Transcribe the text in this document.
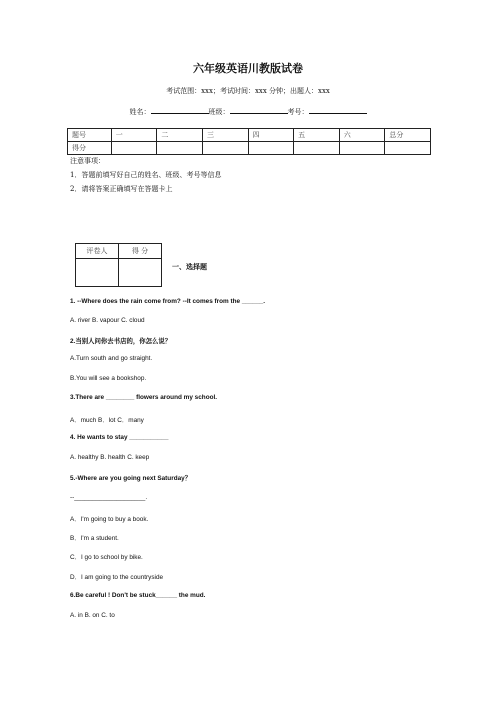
六年级英语川教版试卷
考试范围：xxx；考试时间：xxx 分钟；出题人：xxx
姓名：	班级：	考号：
题号	一	二	三	四	五	六	总分
得分							
注意事项：
1．答题前填写好自己的姓名、班级、考号等信息
2．请将答案正确填写在答题卡上
评卷人	得 分

一、选择题
1. --Where does the rain come from? --It comes from the ______.
A. river B. vapour C. cloud
2.当别人问你去书店的，你怎么说？
A.Turn south and go straight.
B.You will see a bookshop.
3.There are ________ flowers around my school.
A．much B．lot C．many
4. He wants to stay ___________
A. healthy B. health C. keep
5.-Where are you going next Saturday？
--____________________.
A．I'm going to buy a book.
B．I'm a student.
C．I go to school by bike.
D．I am going to the countryside
6.Be careful ! Don't be stuck______ the mud.
A. in B. on C. to
